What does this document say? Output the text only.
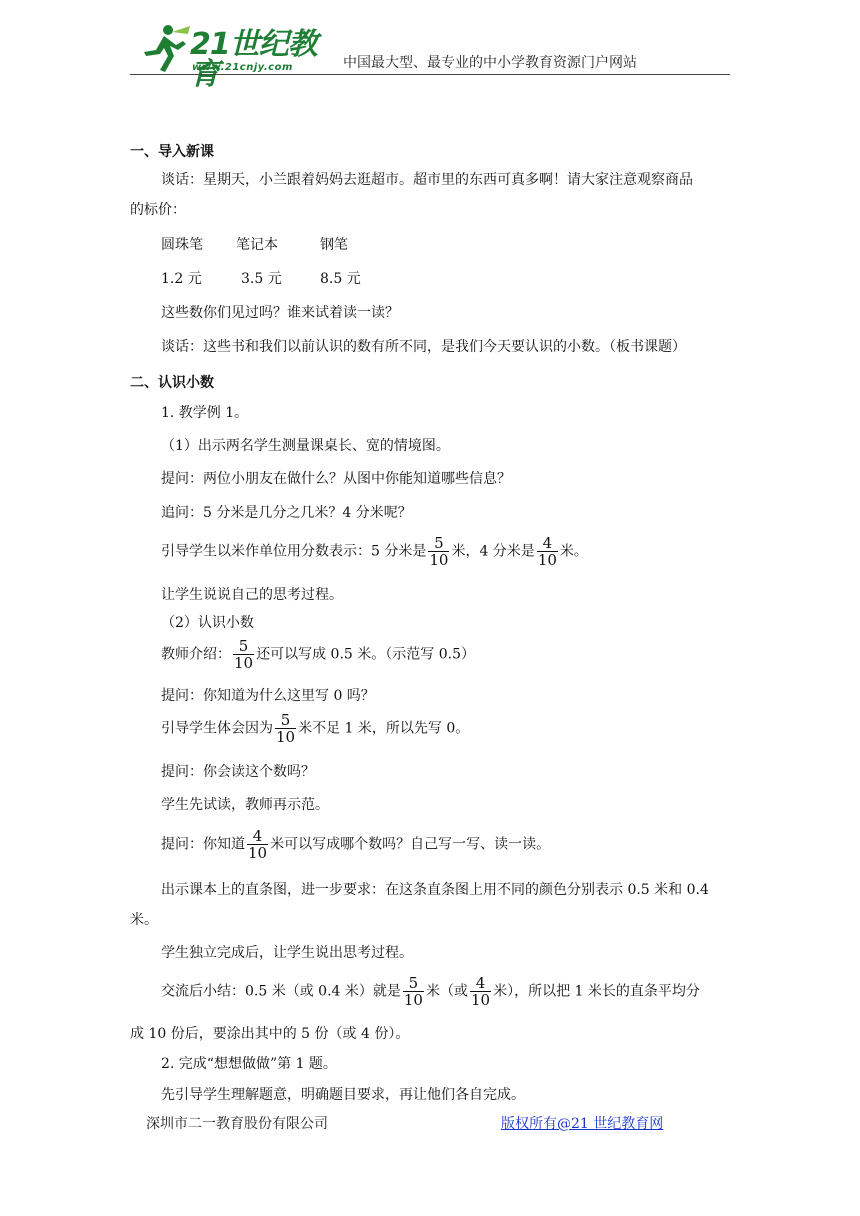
21世纪教育
www.21cnjy.com	中国最大型、最专业的中小学教育资源门户网站
一、导入新课
谈话：星期天，小兰跟着妈妈去逛超市。超市里的东西可真多啊！请大家注意观察商品
的标价：
圆珠笔 笔记本	钢笔
1.2 元	3.5 元	8.5 元
这些数你们见过吗？谁来试着读一读？
谈话：这些书和我们以前认识的数有所不同，是我们今天要认识的小数。（板书课题）
二、认识小数
1. 教学例 1。
（1）出示两名学生测量课桌长、宽的情境图。
提问：两位小朋友在做什么？从图中你能知道哪些信息？
追问：5 分米是几分之几米？4 分米呢？
引导学生以米作单位用分数表示：5 分米是 $\frac{5}{10}$ 米，4 分米是 $\frac{4}{10}$ 米。
让学生说说自己的思考过程。
（2）认识小数
教师介绍： $\frac{5}{10}$ 还可以写成 0.5 米。（示范写 0.5）
提问：你知道为什么这里写 0 吗？
引导学生体会因为 $\frac{5}{10}$ 米不足 1 米，所以先写 0。
提问：你会读这个数吗？
学生先试读，教师再示范。
提问：你知道 $\frac{4}{10}$ 米可以写成哪个数吗？自己写一写、读一读。
出示课本上的直条图，进一步要求：在这条直条图上用不同的颜色分别表示 0.5 米和 0.4
米。
学生独立完成后，让学生说出思考过程。
交流后小结：0.5 米（或 0.4 米）就是 $\frac{5}{10}$ 米（或 $\frac{4}{10}$ 米），所以把 1 米长的直条平均分
成 10 份后，要涂出其中的 5 份（或 4 份）。
2. 完成“想想做做”第 1 题。
先引导学生理解题意，明确题目要求，再让他们各自完成。
深圳市二一教育股份有限公司	版权所有@21 世纪教育网
